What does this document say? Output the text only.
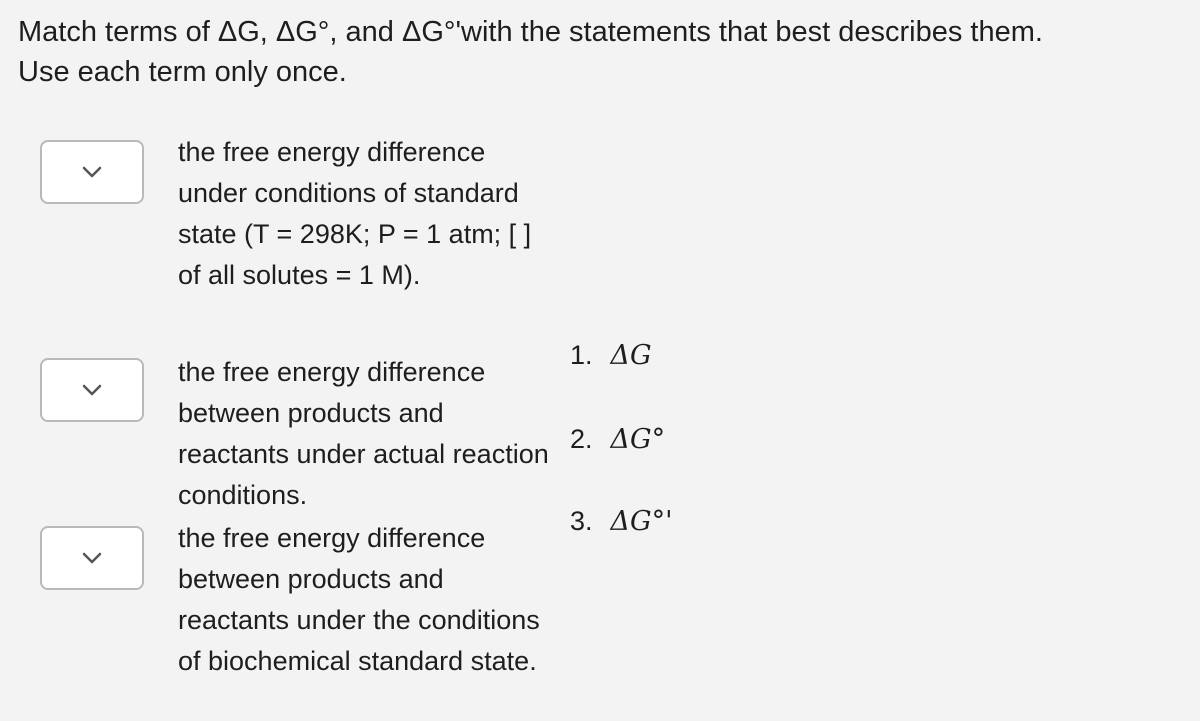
Match terms of ΔG, ΔG°, and ΔG°'with the statements that best describes them.
Use each term only once.
the free energy difference under conditions of standard state (T = 298K; P = 1 atm; [ ] of all solutes = 1 M).
the free energy difference between products and reactants under actual reaction conditions.
the free energy difference between products and reactants under the conditions of biochemical standard state.
1. ΔG
2. ΔG°
3. ΔG°'
